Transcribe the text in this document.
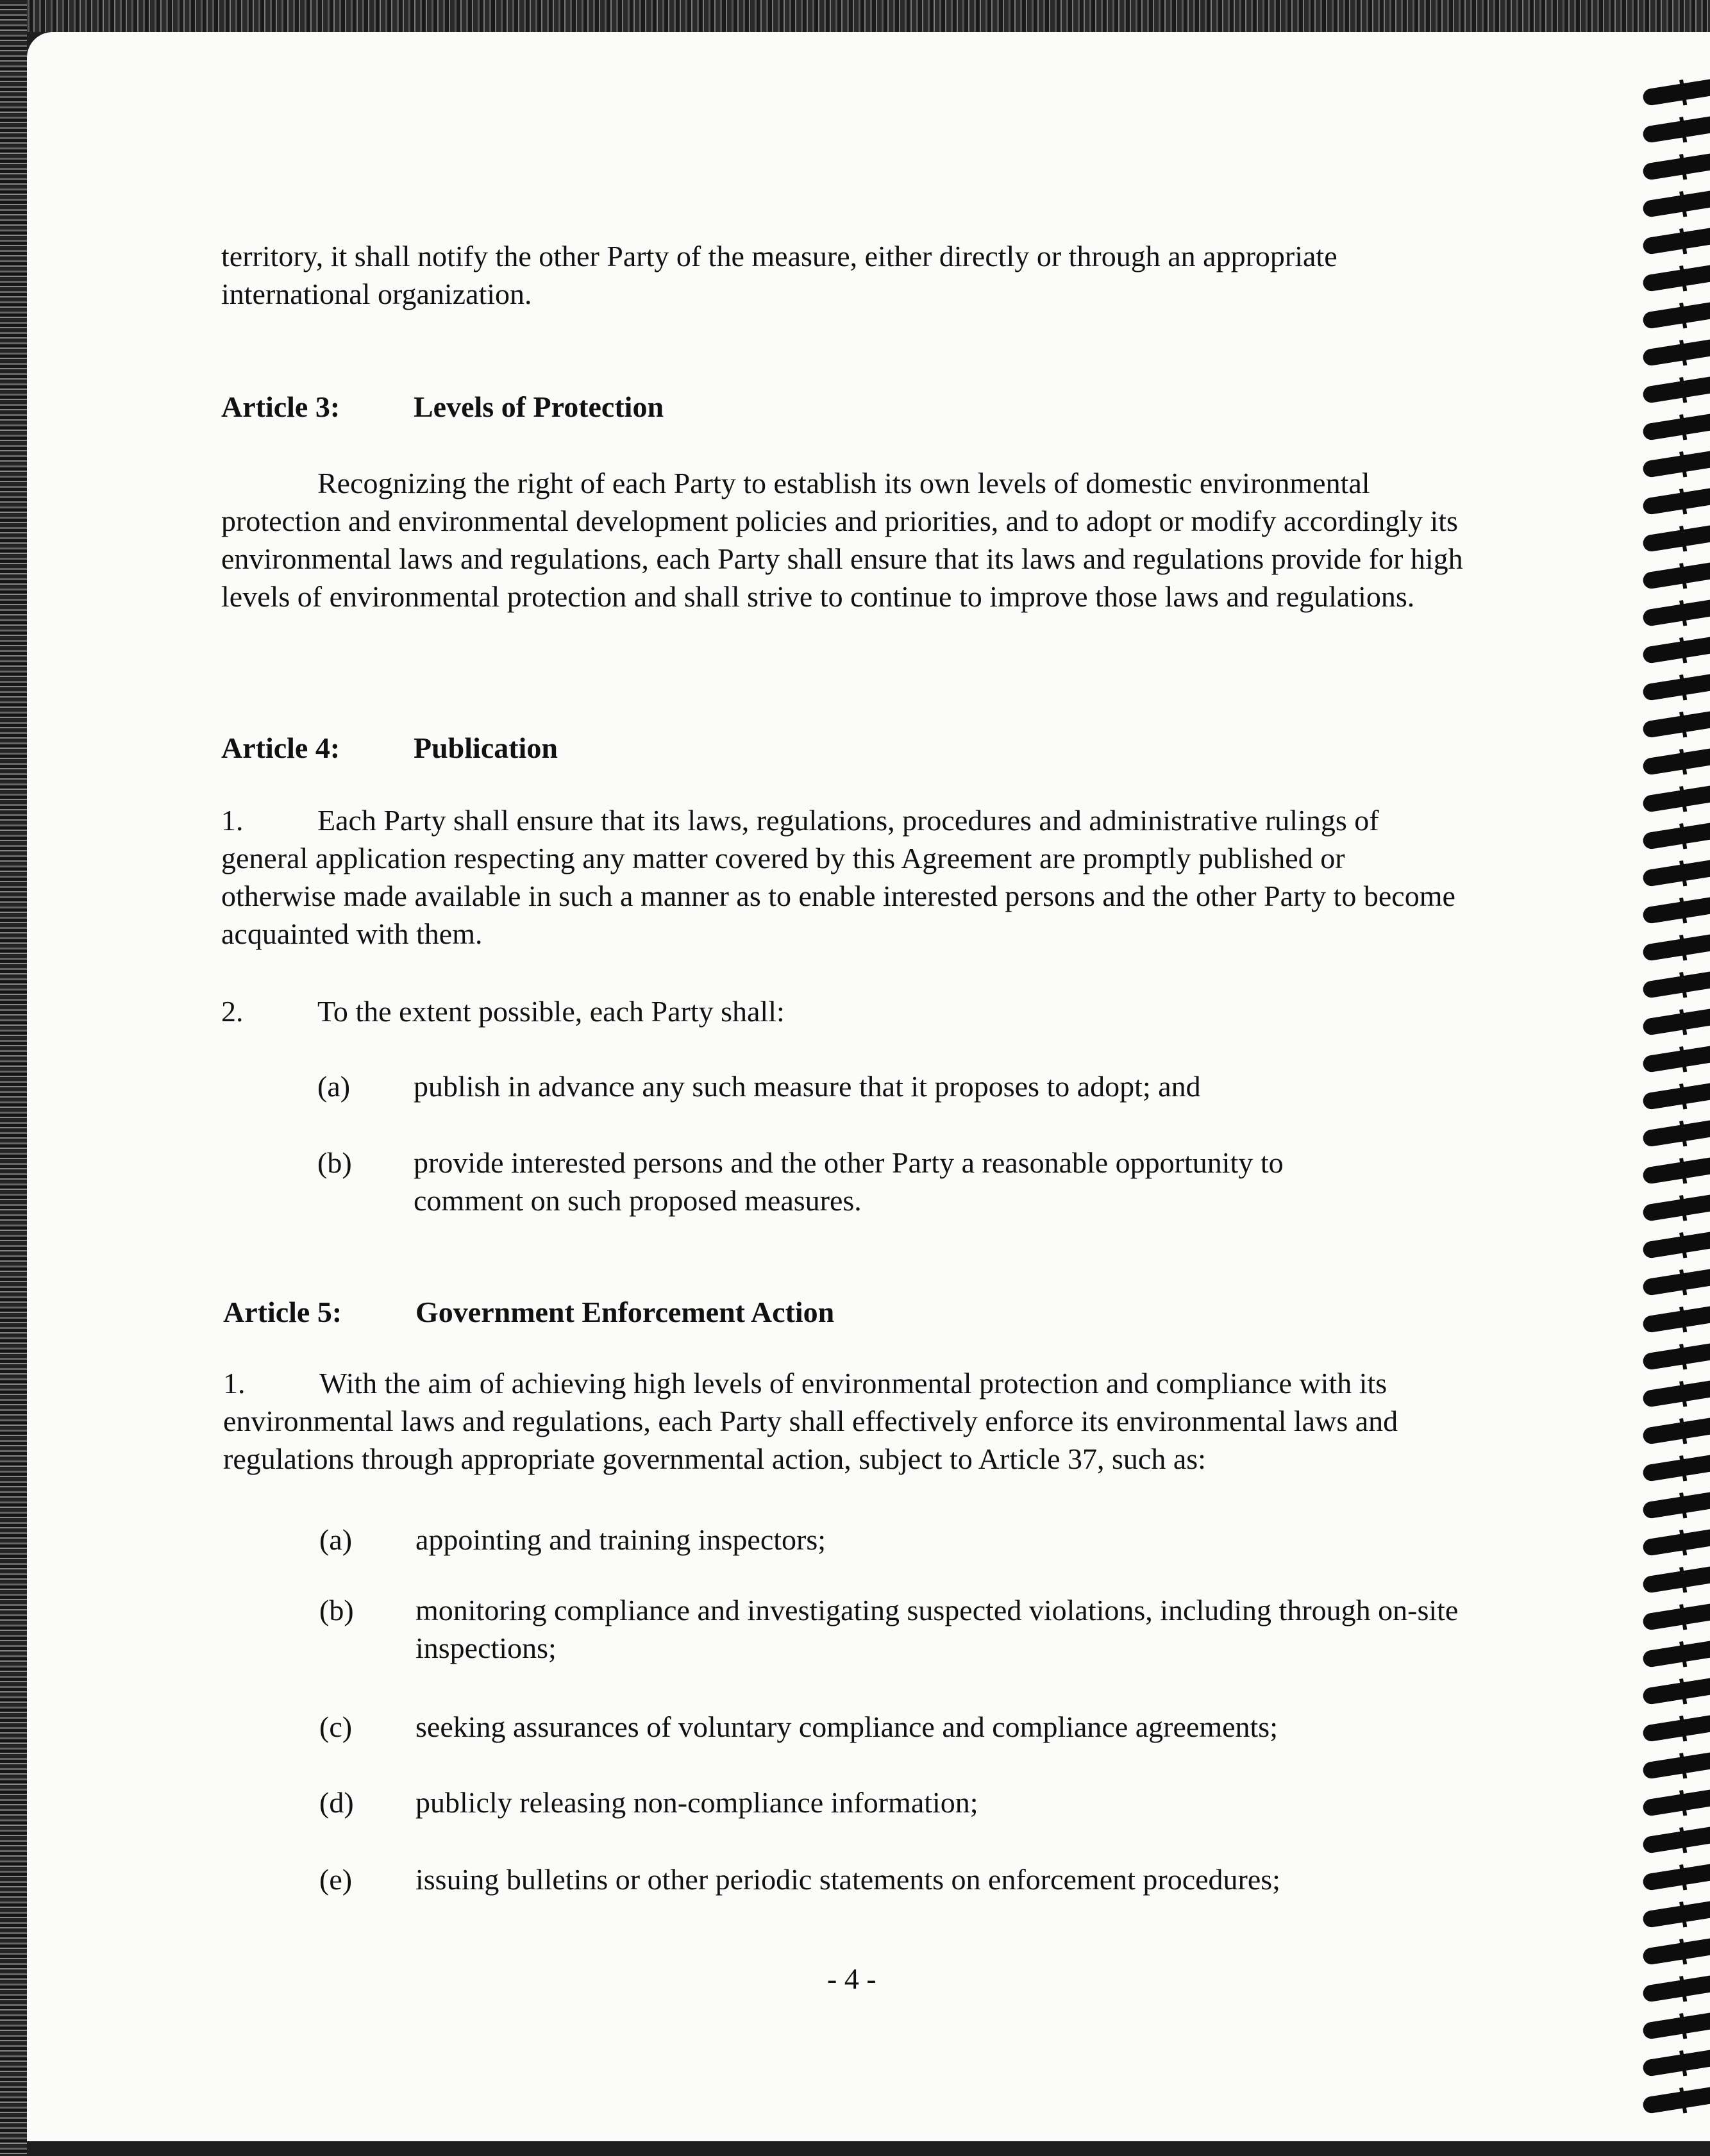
territory, it shall notify the other Party of the measure, either directly or through an appropriate international organization.
Article 3: Levels of Protection
Recognizing the right of each Party to establish its own levels of domestic environmental protection and environmental development policies and priorities, and to adopt or modify accordingly its environmental laws and regulations, each Party shall ensure that its laws and regulations provide for high levels of environmental protection and shall strive to continue to improve those laws and regulations.
Article 4: Publication
1.	Each Party shall ensure that its laws, regulations, procedures and administrative rulings of general application respecting any matter covered by this Agreement are promptly published or otherwise made available in such a manner as to enable interested persons and the other Party to become acquainted with them.
2.	To the extent possible, each Party shall:
(a) publish in advance any such measure that it proposes to adopt; and
(b) provide interested persons and the other Party a reasonable opportunity to comment on such proposed measures.
Article 5: Government Enforcement Action
1.	With the aim of achieving high levels of environmental protection and compliance with its environmental laws and regulations, each Party shall effectively enforce its environmental laws and regulations through appropriate governmental action, subject to Article 37, such as:
(a) appointing and training inspectors;
(b) monitoring compliance and investigating suspected violations, including through on-site inspections;
(c) seeking assurances of voluntary compliance and compliance agreements;
(d) publicly releasing non-compliance information;
(e) issuing bulletins or other periodic statements on enforcement procedures;
- 4 -
